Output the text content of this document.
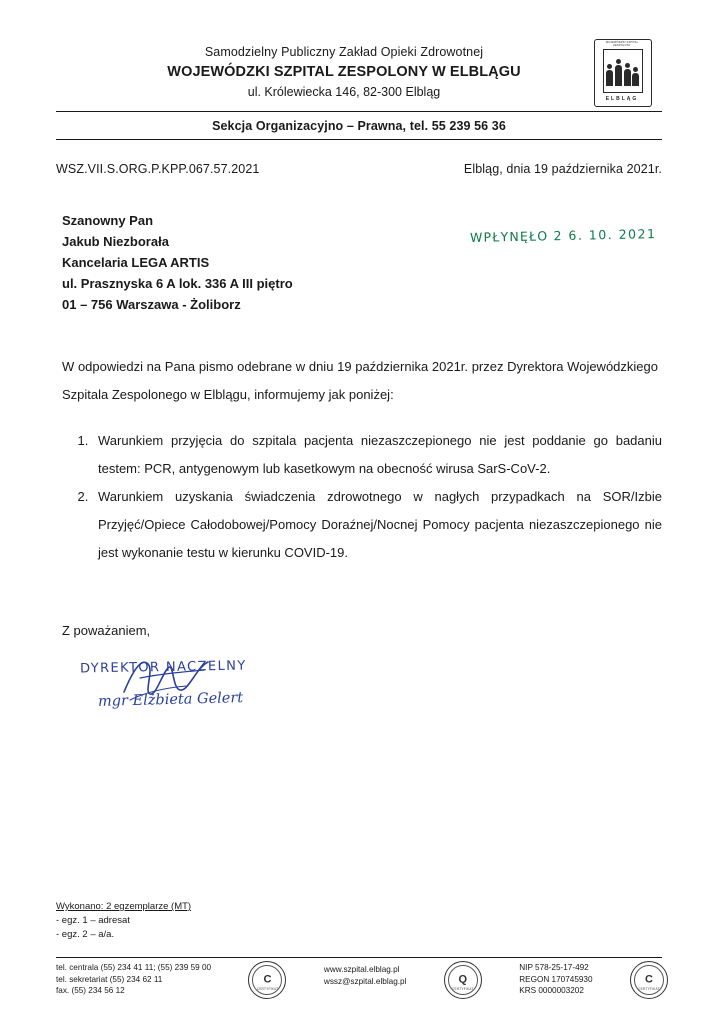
Samodzielny Publiczny Zakład Opieki Zdrowotnej
WOJEWÓDZKI SZPITAL ZESPOLONY W ELBLĄGU
ul. Królewiecka 146, 82-300 Elbląg
WOJEWÓDZKI SZPITAL ZESPOLONY
ELBLĄG
Sekcja Organizacyjno – Prawna, tel. 55 239 56 36
WSZ.VII.S.ORG.P.KPP.067.57.2021	Elbląg, dnia 19 października 2021r.
WPŁYNĘŁO 2 6. 10. 2021
Szanowny Pan
Jakub Niezborała
Kancelaria LEGA ARTIS
ul. Prasznyska 6 A lok. 336 A III piętro
01 – 756 Warszawa - Żoliborz
W odpowiedzi na Pana pismo odebrane w dniu 19 października 2021r. przez Dyrektora Wojewódzkiego Szpitala Zespolonego w Elblągu, informujemy jak poniżej:
1. Warunkiem przyjęcia do szpitala pacjenta niezaszczepionego nie jest poddanie go badaniu testem: PCR, antygenowym lub kasetkowym na obecność wirusa SarS-CoV-2.
2. Warunkiem uzyskania świadczenia zdrowotnego w nagłych przypadkach na SOR/Izbie Przyjęć/Opiece Całodobowej/Pomocy Doraźnej/Nocnej Pomocy pacjenta niezaszczepionego nie jest wykonanie testu w kierunku COVID-19.
Z poważaniem,
DYREKTOR NACZELNY
mgr Elżbieta Gelert
Wykonano: 2 egzemplarze (MT)
- egz. 1 – adresat
- egz. 2 – a/a.
tel. centrala (55) 234 41 11; (55) 239 59 00
tel. sekretariat (55) 234 62 11
fax. (55) 234 56 12
C
CERTYFIKAT
www.szpital.elblag.pl
wssz@szpital.elblag.pl	Q
CERTYFIKAT
NIP 578-25-17-492
REGON 170745930
KRS 0000003202
C
CERTYFIKAT
